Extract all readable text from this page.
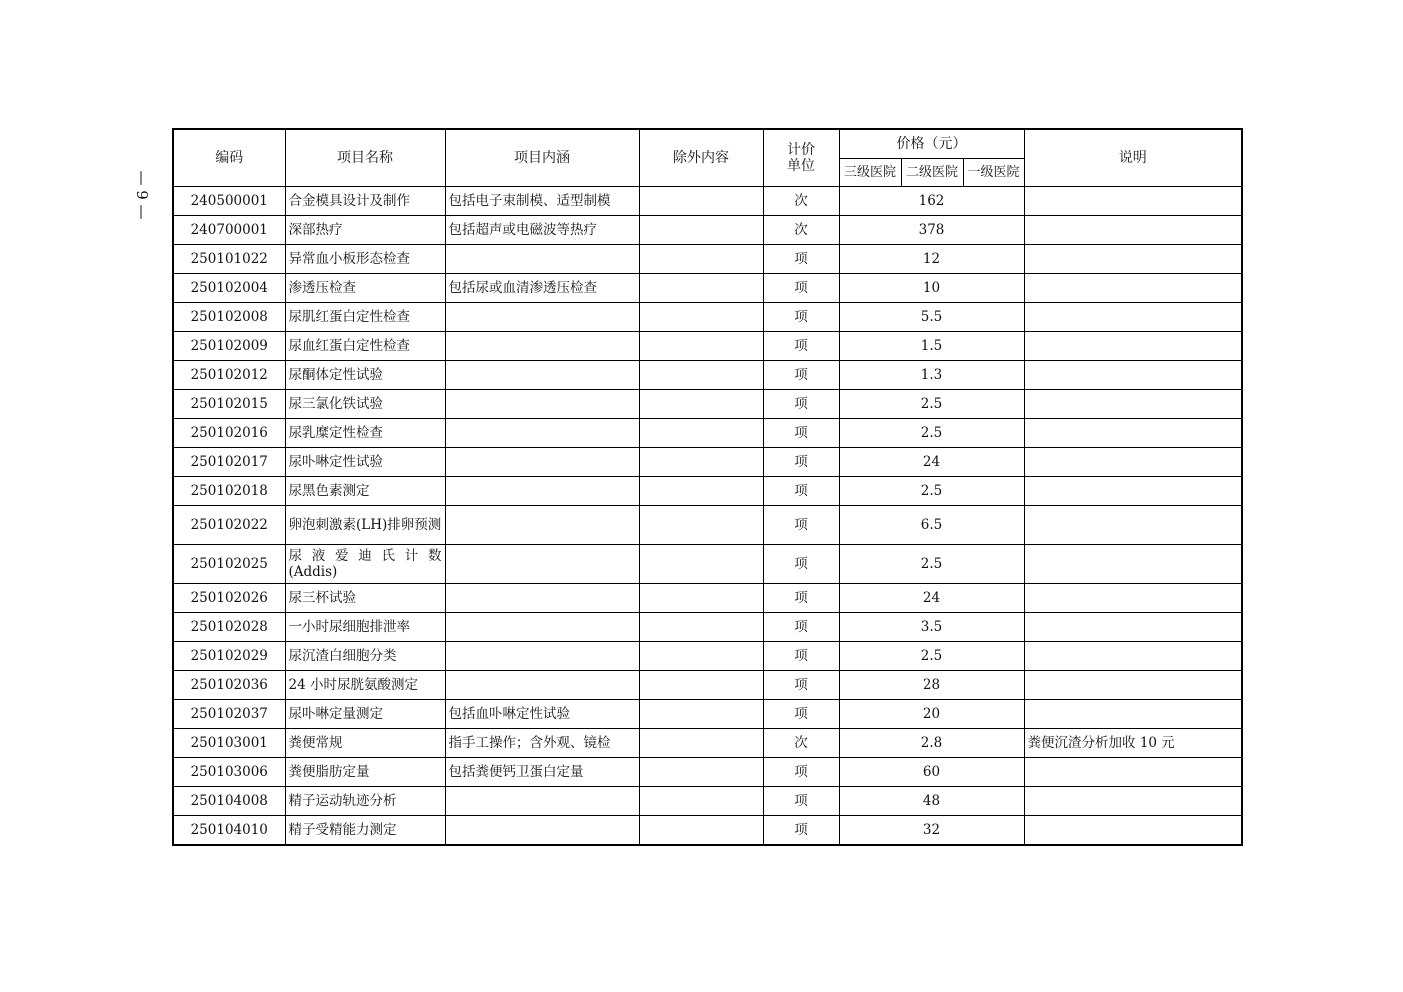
— 9 —
编码	项目名称	项目内涵	除外内容	计价
单位	价格（元）			说明
					三级医院	二级医院	一级医院	
240500001	合金模具设计及制作	包括电子束制模、适型制模		次	162			
240700001	深部热疗	包括超声或电磁波等热疗		次	378			
250101022	异常血小板形态检查			项	12			
250102004	渗透压检查	包括尿或血清渗透压检查		项	10			
250102008	尿肌红蛋白定性检查			项	5.5			
250102009	尿血红蛋白定性检查			项	1.5			
250102012	尿酮体定性试验			项	1.3			
250102015	尿三氯化铁试验			项	2.5			
250102016	尿乳糜定性检查			项	2.5			
250102017	尿卟啉定性试验			项	24			
250102018	尿黑色素测定			项	2.5			
250102022	卵泡刺激素(LH)排卵预测			项	6.5			
250102025	尿 液 爱 迪 氏 计 数 (Addis)			项	2.5			
250102026	尿三杯试验			项	24			
250102028	一小时尿细胞排泄率			项	3.5			
250102029	尿沉渣白细胞分类			项	2.5			
250102036	24 小时尿胱氨酸测定			项	28			
250102037	尿卟啉定量测定	包括血卟啉定性试验		项	20			
250103001	粪便常规	指手工操作；含外观、镜检		次	2.8			粪便沉渣分析加收 10 元
250103006	粪便脂肪定量	包括粪便钙卫蛋白定量		项	60			
250104008	精子运动轨迹分析			项	48			
250104010	精子受精能力测定			项	32			
